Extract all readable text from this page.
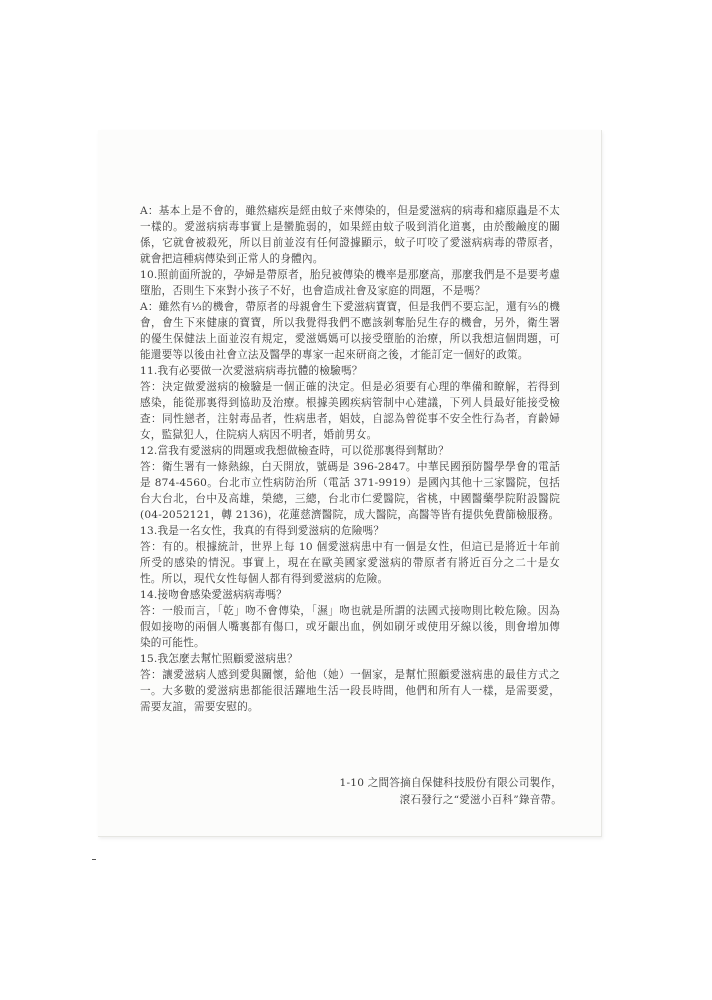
A：基本上是不會的，雖然瘧疾是經由蚊子來傳染的，但是愛滋病的病毒和瘧原蟲是不太一樣的。愛滋病病毒事實上是蠻脆弱的，如果經由蚊子吸到消化道裏，由於酸鹼度的關係，它就會被殺死，所以目前並沒有任何證據顯示，蚊子叮咬了愛滋病病毒的帶原者，就會把這種病傳染到正常人的身體內。

10.照前面所說的，孕婦是帶原者，胎兒被傳染的機率是那麼高，那麼我們是不是要考慮墮胎，否則生下來對小孩子不好，也會造成社會及家庭的問題，不是嗎？

A：雖然有⅓的機會，帶原者的母親會生下愛滋病寶寶，但是我們不要忘記，還有⅔的機會，會生下來健康的寶寶，所以我覺得我們不應該剝奪胎兒生存的機會，另外，衛生署的優生保健法上面並沒有規定，愛滋媽媽可以接受墮胎的治療，所以我想這個問題，可能還要等以後由社會立法及醫學的專家一起來研商之後，才能訂定一個好的政策。

11.我有必要做一次愛滋病病毒抗體的檢驗嗎？

答：決定做愛滋病的檢驗是一個正確的決定。但是必須要有心理的準備和瞭解，若得到感染，能從那裏得到協助及治療。根據美國疾病管制中心建議，下列人員最好能接受檢查：同性戀者，注射毒品者，性病患者，娼妓，自認為曾從事不安全性行為者，育齡婦女，監獄犯人，住院病人病因不明者，婚前男女。

12.當我有愛滋病的問題或我想做檢查時，可以從那裏得到幫助？

答：衛生署有一條熱線，白天開放，號碼是 396-2847。中華民國預防醫學學會的電話是 874-4560。台北市立性病防治所（電話 371-9919）是國內其他十三家醫院，包括台大台北，台中及高雄，榮總，三總，台北市仁愛醫院，省桃，中國醫藥學院附設醫院(04-2052121，轉 2136)，花蓮慈濟醫院，成大醫院，高醫等皆有提供免費篩檢服務。

13.我是一名女性，我真的有得到愛滋病的危險嗎？

答：有的。根據統計，世界上每 10 個愛滋病患中有一個是女性，但這已是將近十年前所受的感染的情況。事實上，現在在歐美國家愛滋病的帶原者有將近百分之二十是女性。所以，現代女性每個人都有得到愛滋病的危險。

14.接吻會感染愛滋病病毒嗎？

答：一般而言，「乾」吻不會傳染，「濕」吻也就是所謂的法國式接吻則比較危險。因為假如接吻的兩個人嘴裏都有傷口，或牙齦出血，例如刷牙或使用牙線以後，則會增加傳染的可能性。

15.我怎麼去幫忙照顧愛滋病患？

答：讓愛滋病人感到愛與關懷，給他（她）一個家，是幫忙照顧愛滋病患的最佳方式之一。大多數的愛滋病患都能很活躍地生活一段長時間，他們和所有人一樣，是需要愛，需要友誼，需要安慰的。

1-10 之間答摘自保健科技股份有限公司製作，
滾石發行之“愛滋小百科”錄音帶。
